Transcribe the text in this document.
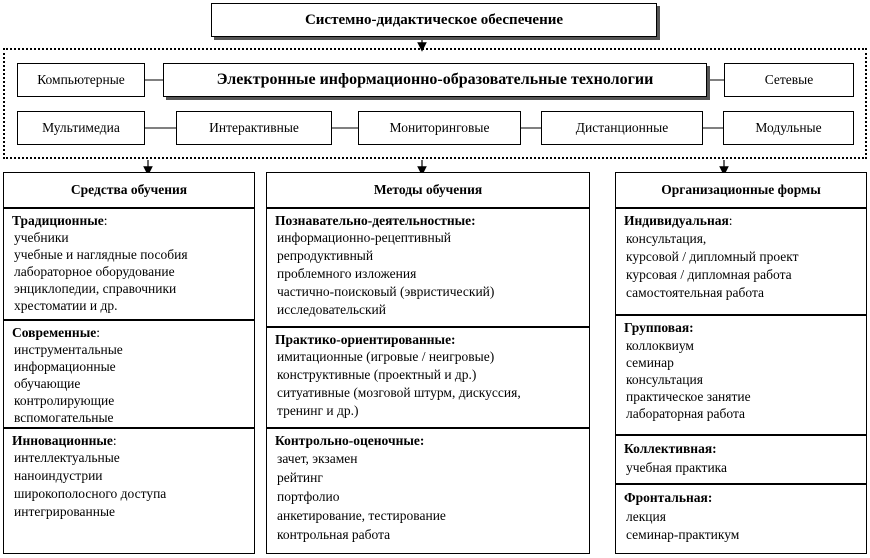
Системно-дидактическое обеспечение
Компьютерные	Электронные информационно-образовательные технологии	Сетевые
Мультимедиа	Интерактивные	Мониторинговые	Дистанционные	Модульные
Средства обучения
Традиционные:
учебники
учебные и наглядные пособия
лабораторное оборудование
энциклопедии, справочники
хрестоматии и др.
Современные:
инструментальные
информационные
обучающие
контролирующие
вспомогательные
Инновационные:
интеллектуальные
наноиндустрии
широкополосного доступа
интегрированные
Методы обучения
Познавательно-деятельностные:
информационно-рецептивный
репродуктивный
проблемного изложения
частично-поисковый (эвристический)
исследовательский
Практико-ориентированные:
имитационные (игровые / неигровые)
конструктивные (проектный и др.)
ситуативные (мозговой штурм, дискуссия,
тренинг и др.)
Контрольно-оценочные:
зачет, экзамен
рейтинг
портфолио
анкетирование, тестирование
контрольная работа
Организационные формы
Индивидуальная:
консультация,
курсовой / дипломный проект
курсовая / дипломная работа
самостоятельная работа
Групповая:
коллоквиум
семинар
консультация
практическое занятие
лабораторная работа
Коллективная:
учебная практика
Фронтальная:
лекция
семинар-практикум
